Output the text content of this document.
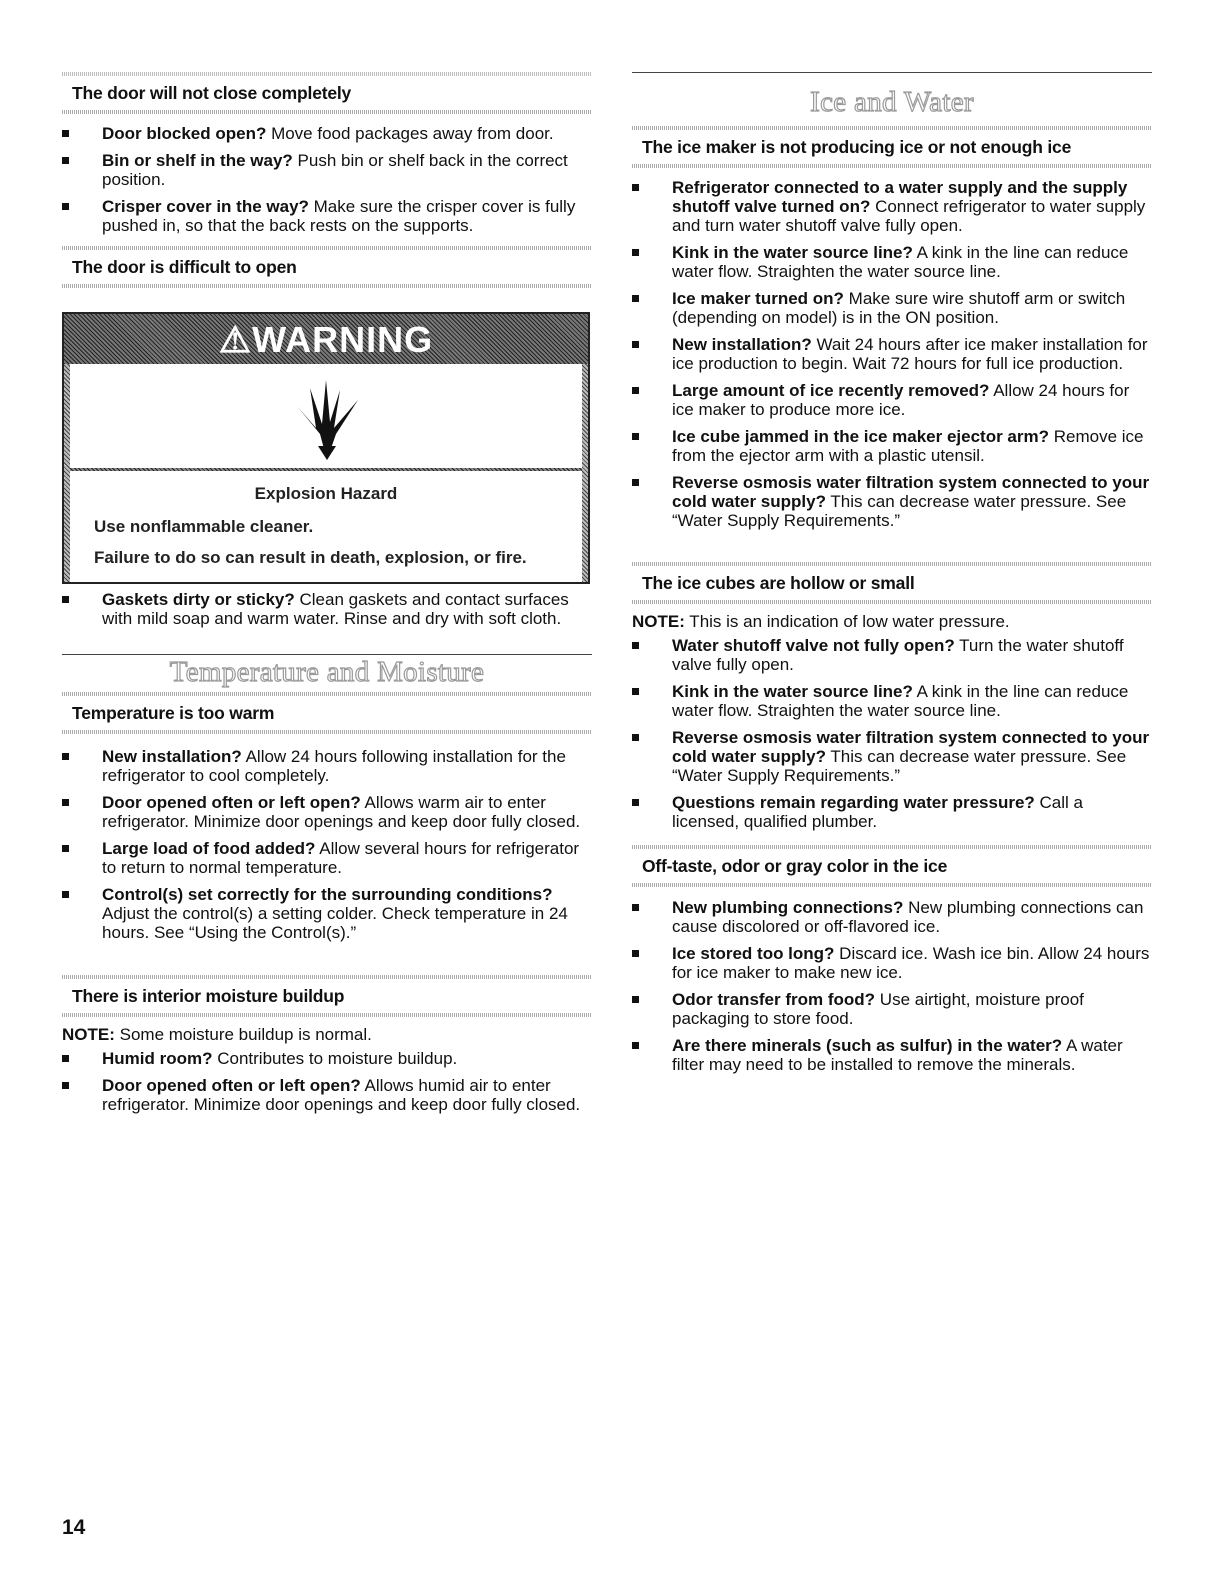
The door will not close completely
Door blocked open? Move food packages away from door.
Bin or shelf in the way? Push bin or shelf back in the correct position.
Crisper cover in the way? Make sure the crisper cover is fully pushed in, so that the back rests on the supports.
The door is difficult to open
⚠WARNING
Explosion Hazard
Use nonflammable cleaner.
Failure to do so can result in death, explosion, or fire.
Gaskets dirty or sticky? Clean gaskets and contact surfaces with mild soap and warm water. Rinse and dry with soft cloth.
Temperature and Moisture
Temperature is too warm
New installation? Allow 24 hours following installation for the refrigerator to cool completely.
Door opened often or left open? Allows warm air to enter refrigerator. Minimize door openings and keep door fully closed.
Large load of food added? Allow several hours for refrigerator to return to normal temperature.
Control(s) set correctly for the surrounding conditions? Adjust the control(s) a setting colder. Check temperature in 24 hours. See “Using the Control(s).”
There is interior moisture buildup
NOTE: Some moisture buildup is normal.
Humid room? Contributes to moisture buildup.
Door opened often or left open? Allows humid air to enter refrigerator. Minimize door openings and keep door fully closed.
Ice and Water
The ice maker is not producing ice or not enough ice
Refrigerator connected to a water supply and the supply shutoff valve turned on? Connect refrigerator to water supply and turn water shutoff valve fully open.
Kink in the water source line? A kink in the line can reduce water flow. Straighten the water source line.
Ice maker turned on? Make sure wire shutoff arm or switch (depending on model) is in the ON position.
New installation? Wait 24 hours after ice maker installation for ice production to begin. Wait 72 hours for full ice production.
Large amount of ice recently removed? Allow 24 hours for ice maker to produce more ice.
Ice cube jammed in the ice maker ejector arm? Remove ice from the ejector arm with a plastic utensil.
Reverse osmosis water filtration system connected to your cold water supply? This can decrease water pressure. See “Water Supply Requirements.”
The ice cubes are hollow or small
NOTE: This is an indication of low water pressure.
Water shutoff valve not fully open? Turn the water shutoff valve fully open.
Kink in the water source line? A kink in the line can reduce water flow. Straighten the water source line.
Reverse osmosis water filtration system connected to your cold water supply? This can decrease water pressure. See “Water Supply Requirements.”
Questions remain regarding water pressure? Call a licensed, qualified plumber.
Off-taste, odor or gray color in the ice
New plumbing connections? New plumbing connections can cause discolored or off-flavored ice.
Ice stored too long? Discard ice. Wash ice bin. Allow 24 hours for ice maker to make new ice.
Odor transfer from food? Use airtight, moisture proof packaging to store food.
Are there minerals (such as sulfur) in the water? A water filter may need to be installed to remove the minerals.
14
